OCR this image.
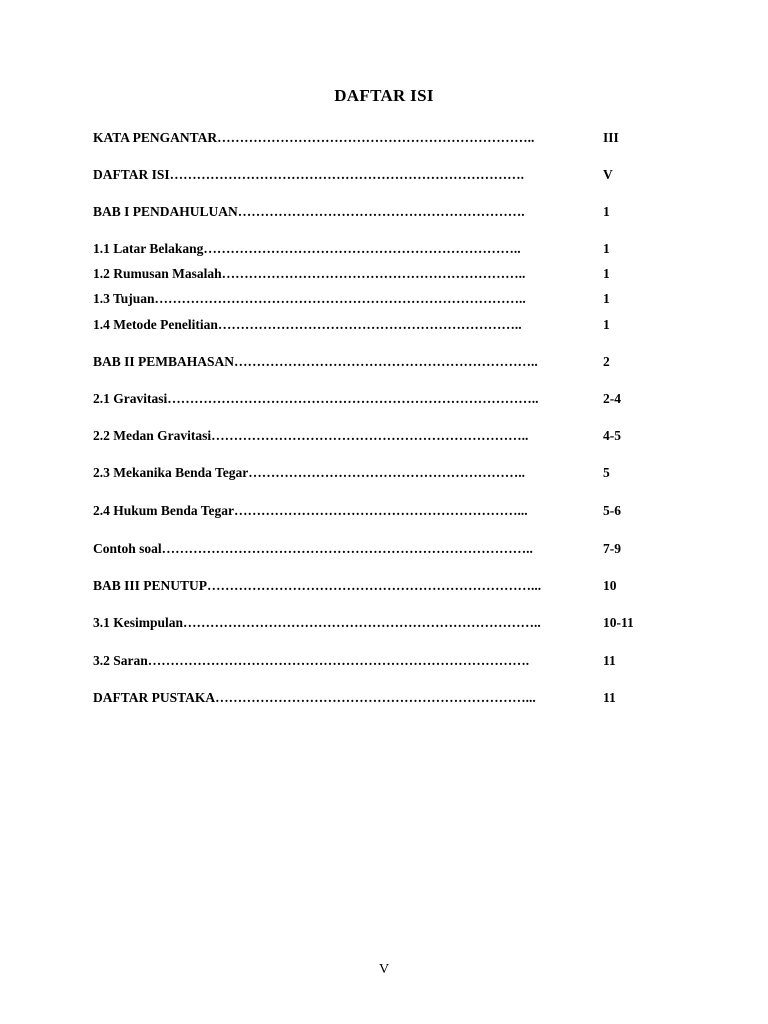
DAFTAR ISI
KATA PENGANTAR……………………………………………………………..	III
DAFTAR ISI…………………………………………………………………….	V
BAB I PENDAHULUAN……………………………………………………….	1
1.1 Latar Belakang……………………………………………………………..	1
1.2 Rumusan Masalah…………………………………………………………..	1
1.3 Tujuan………………………………………………………………………..	1
1.4 Metode Penelitian…………………………………………………………..	1
BAB II PEMBAHASAN…………………………………………………………..	2
2.1 Gravitasi………………………………………………………………………..	2-4
2.2 Medan Gravitasi……………………………………………………………..	4-5
2.3 Mekanika Benda Tegar……………………………………………………..	5
2.4 Hukum Benda Tegar………………………………………………………...	5-6
Contoh soal………………………………………………………………………..	7-9
BAB III PENUTUP………………………………………………………………...	10
3.1 Kesimpulan……………………………………………………………………..	10-11
3.2 Saran………………………………………………………………………….	11
DAFTAR PUSTAKA……………………………………………………………...	11
V
